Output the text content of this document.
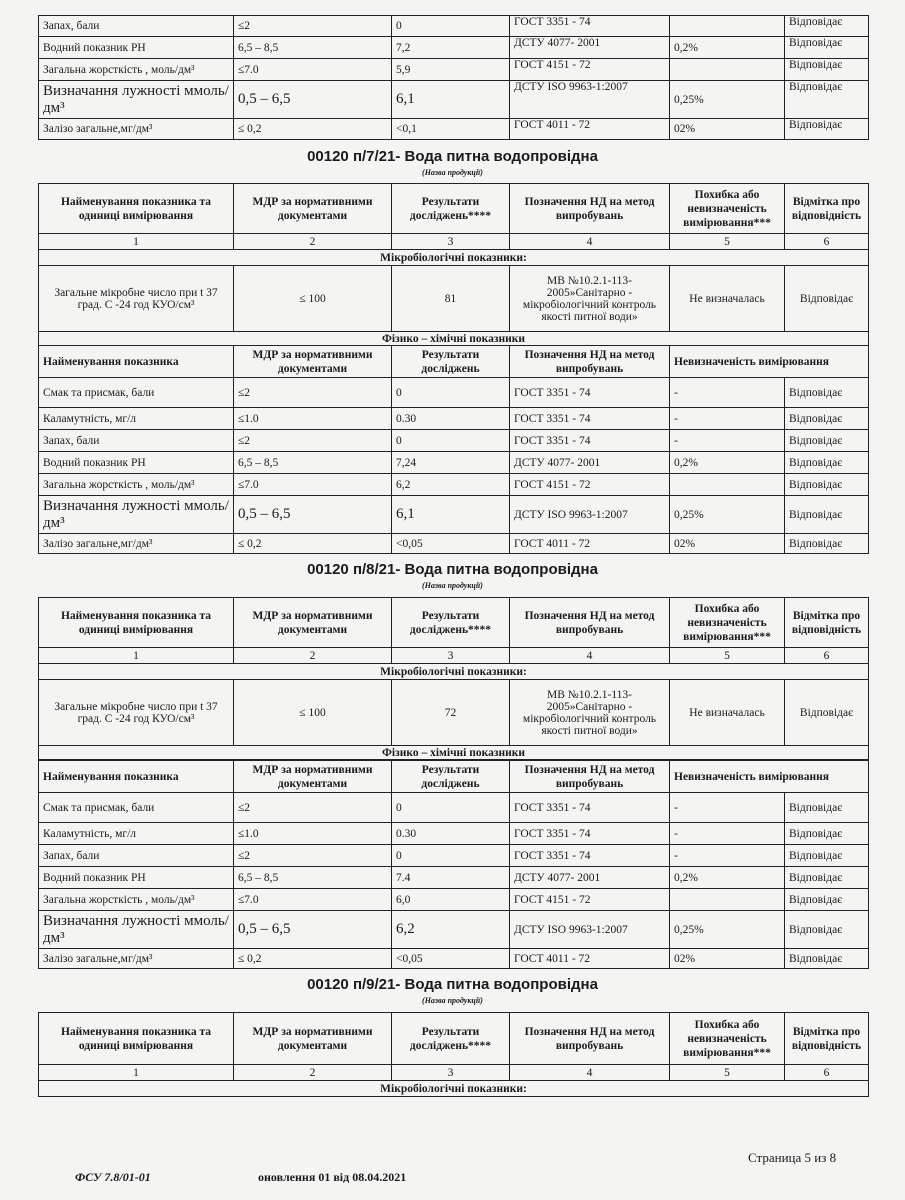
Запах, бали	≤2	0	ГОСТ 3351 - 74		Відповідає
Водний показник РН	6,5 – 8,5	7,2	ДСТУ 4077- 2001	0,2%	Відповідає
Загальна жорсткість , моль/дм³	≤7.0	5,9	ГОСТ 4151 - 72		Відповідає
Визначання лужності ммоль/дм³	0,5 – 6,5	6,1	ДСТУ ISO 9963-1:2007	0,25%	Відповідає
Залізо загальне,мг/дм³	≤ 0,2	<0,1	ГОСТ 4011 - 72	02%	Відповідає
00120 п/7/21- Вода питна водопровідна
(Назва продукції)
Найменування показника та одиниці вимірювання	МДР за нормативними документами	Результати досліджень****	Позначення НД на метод випробувань	Похибка або невизначеність вимірювання***	Відмітка про відповідність
1	2	3	4	5	6
Мікробіологічні показники:					
Загальне мікробне число при t 37 град. С -24 год КУО/см³	≤ 100	81	МВ №10.2.1-113-2005»Санітарно - мікробіологічний контроль якості питної води»	Не визначалась	Відповідає
Фізико – хімічні показники					
Найменування показника	МДР за нормативними документами	Результати досліджень	Позначення НД на метод випробувань	Невизначеність вимірювання	
Смак та присмак, бали	≤2	0	ГОСТ 3351 - 74	-	Відповідає
Каламутність, мг/л	≤1.0	0.30	ГОСТ 3351 - 74	-	Відповідає
Запах, бали	≤2	0	ГОСТ 3351 - 74	-	Відповідає
Водний показник РН	6,5 – 8,5	7,24	ДСТУ 4077- 2001	0,2%	Відповідає
Загальна жорсткість , моль/дм³	≤7.0	6,2	ГОСТ 4151 - 72		Відповідає
Визначання лужності ммоль/дм³	0,5 – 6,5	6,1	ДСТУ ISO 9963-1:2007	0,25%	Відповідає
Залізо загальне,мг/дм³	≤ 0,2	<0,05	ГОСТ 4011 - 72	02%	Відповідає
00120 п/8/21- Вода питна водопровідна
(Назва продукції)
Найменування показника та одиниці вимірювання	МДР за нормативними документами	Результати досліджень****	Позначення НД на метод випробувань	Похибка або невизначеність вимірювання***	Відмітка про відповідність
1	2	3	4	5	6
Мікробіологічні показники:					
Загальне мікробне число при t 37 град. С -24 год КУО/см³	≤ 100	72	МВ №10.2.1-113-2005»Санітарно - мікробіологічний контроль якості питної води»	Не визначалась	Відповідає
Фізико – хімічні показники					
Найменування показника	МДР за нормативними документами	Результати досліджень	Позначення НД на метод випробувань	Невизначеність вимірювання	
Смак та присмак, бали	≤2	0	ГОСТ 3351 - 74	-	Відповідає
Каламутність, мг/л	≤1.0	0.30	ГОСТ 3351 - 74	-	Відповідає
Запах, бали	≤2	0	ГОСТ 3351 - 74	-	Відповідає
Водний показник РН	6,5 – 8,5	7.4	ДСТУ 4077- 2001	0,2%	Відповідає
Загальна жорсткість , моль/дм³	≤7.0	6,0	ГОСТ 4151 - 72		Відповідає
Визначання лужності ммоль/дм³	0,5 – 6,5	6,2	ДСТУ ISO 9963-1:2007	0,25%	Відповідає
Залізо загальне,мг/дм³	≤ 0,2	<0,05	ГОСТ 4011 - 72	02%	Відповідає
00120 п/9/21- Вода питна водопровідна
(Назва продукції)
Найменування показника та одиниці вимірювання	МДР за нормативними документами	Результати досліджень****	Позначення НД на метод випробувань	Похибка або невизначеність вимірювання***	Відмітка про відповідність
1	2	3	4	5	6
Мікробіологічні показники:					
Страница 5 из 8
ФСУ 7.8/01-01	оновлення 01 від 08.04.2021
